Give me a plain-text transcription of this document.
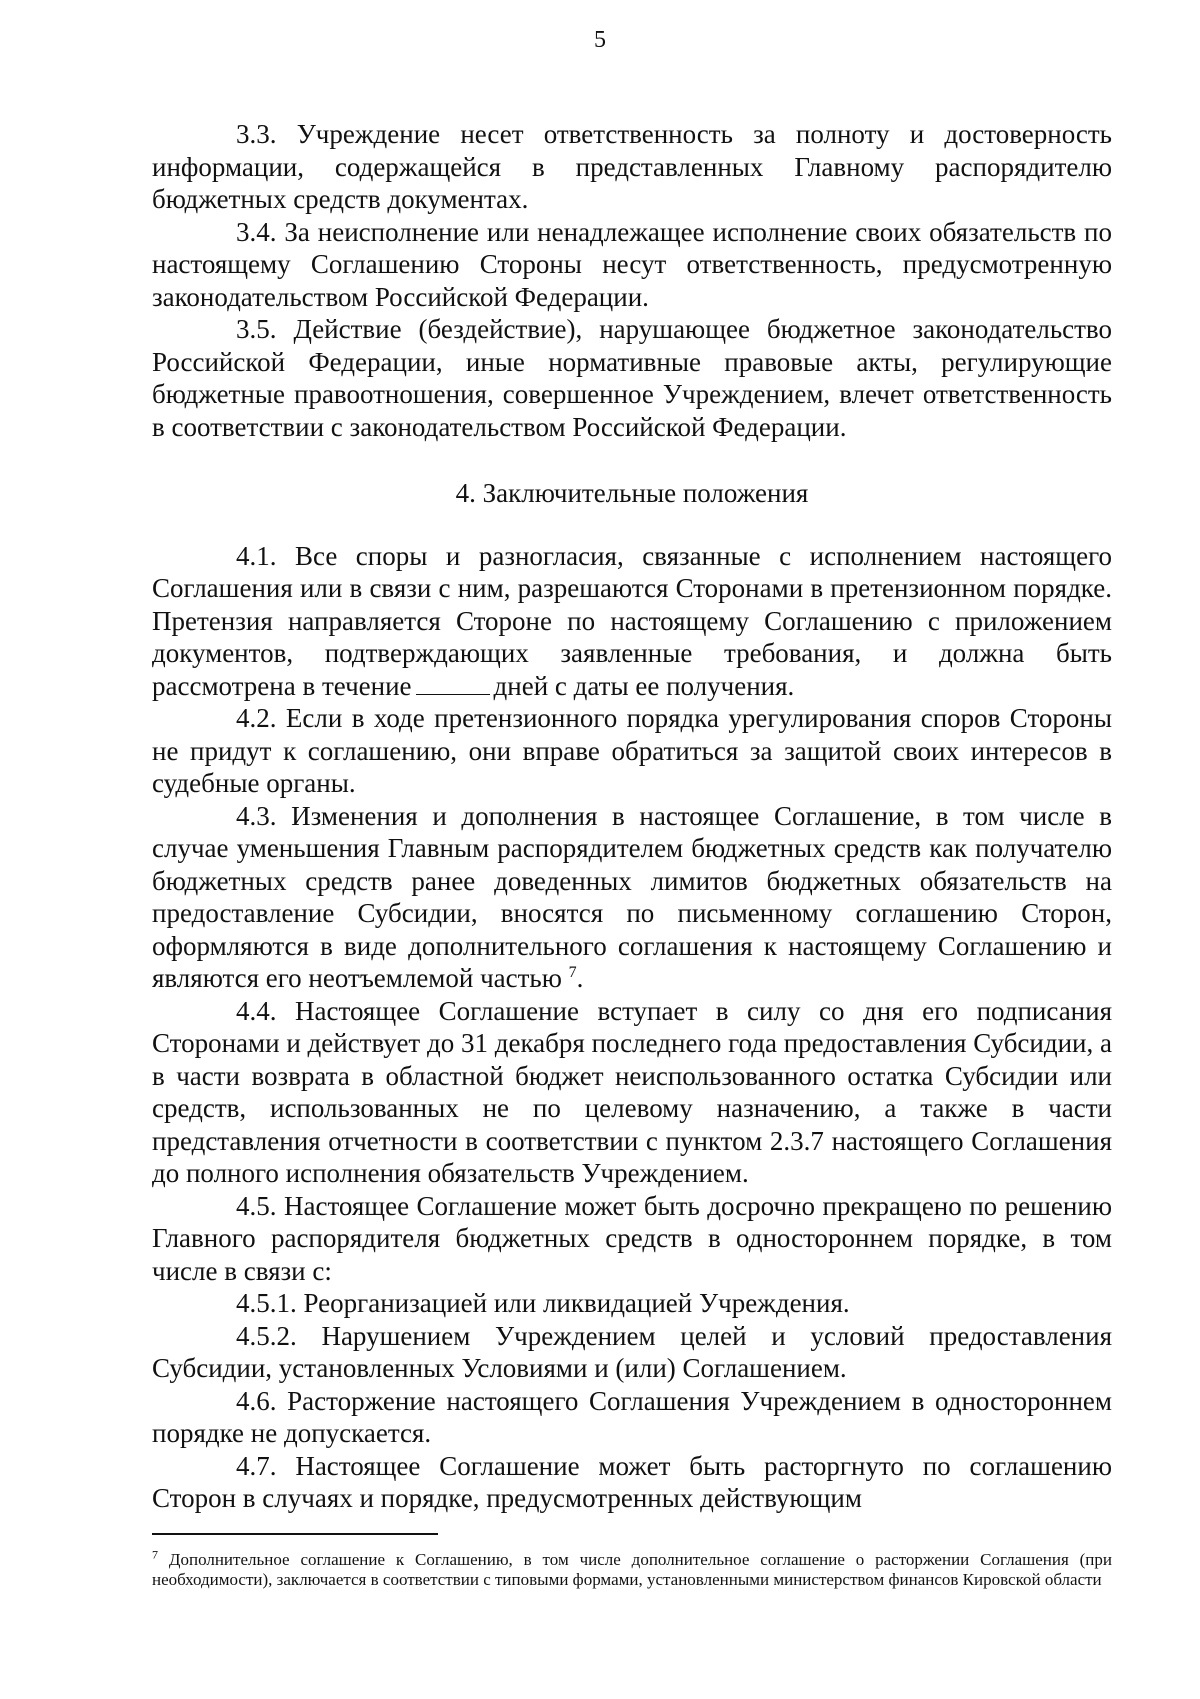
5

3.3. Учреждение несет ответственность за полноту и достоверность информации, содержащейся в представленных Главному распорядителю бюджетных средств документах.

3.4. За неисполнение или ненадлежащее исполнение своих обязательств по настоящему Соглашению Стороны несут ответственность, предусмотренную законодательством Российской Федерации.

3.5. Действие (бездействие), нарушающее бюджетное законодательство Российской Федерации, иные нормативные правовые акты, регулирующие бюджетные правоотношения, совершенное Учреждением, влечет ответственность в соответствии с законодательством Российской Федерации.

4. Заключительные положения

4.1. Все споры и разногласия, связанные с исполнением настоящего Соглашения или в связи с ним, разрешаются Сторонами в претензионном порядке. Претензия направляется Стороне по настоящему Соглашению с приложением документов, подтверждающих заявленные требования, и должна быть рассмотрена в течение	дней с даты ее получения.

4.2. Если в ходе претензионного порядка урегулирования споров Стороны не придут к соглашению, они вправе обратиться за защитой своих интересов в судебные органы.

4.3. Изменения и дополнения в настоящее Соглашение, в том числе в случае уменьшения Главным распорядителем бюджетных средств как получателю бюджетных средств ранее доведенных лимитов бюджетных обязательств на предоставление Субсидии, вносятся по письменному соглашению Сторон, оформляются в виде дополнительного соглашения к настоящему Соглашению и являются его неотъемлемой частью $^7$.

4.4. Настоящее Соглашение вступает в силу со дня его подписания Сторонами и действует до 31 декабря последнего года предоставления Субсидии, а в части возврата в областной бюджет неиспользованного остатка Субсидии или средств, использованных не по целевому назначению, а также в части представления отчетности в соответствии с пунктом 2.3.7 настоящего Соглашения до полного исполнения обязательств Учреждением.

4.5. Настоящее Соглашение может быть досрочно прекращено по решению Главного распорядителя бюджетных средств в одностороннем порядке, в том числе в связи с:

4.5.1. Реорганизацией или ликвидацией Учреждения.

4.5.2. Нарушением Учреждением целей и условий предоставления Субсидии, установленных Условиями и (или) Соглашением.

4.6. Расторжение настоящего Соглашения Учреждением в одностороннем порядке не допускается.

4.7. Настоящее Соглашение может быть расторгнуто по соглашению Сторон в случаях и порядке, предусмотренных действующим

$^7$ Дополнительное соглашение к Соглашению, в том числе дополнительное соглашение о расторжении Соглашения (при необходимости), заключается в соответствии с типовыми формами, установленными министерством финансов Кировской области
